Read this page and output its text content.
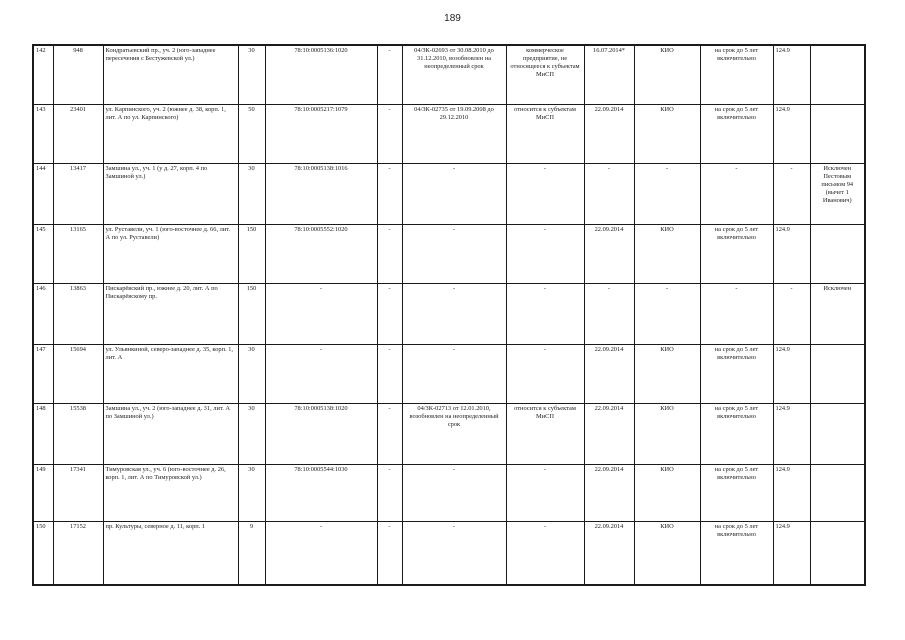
189
142	948	Кондратьевский пр., уч. 2 (юго-западнее пересечения с Бестужевской ул.)	30	78:10:0005136:1020	-	04/ЗК-02693 от 30.08.2010 до 31.12.2010, возобновлен на неопределенный срок	коммерческое предприятие, не относящееся к субъектам МиСП	16.07.2014*	КИО	на срок до 5 лет включительно	124.9	
143	23401	ул. Карпинского, уч. 2 (южнее д. 38, корп. 1, лит. А по ул. Карпинского)	50	78:10:0005217:1079	-	04/ЗК-02735 от 19.09.2008 до 29.12.2010	относится к субъектам МиСП	22.09.2014	КИО	на срок до 5 лет включительно	124.9	
144	13417	Замшина ул., уч. 1 (у д. 27, корп. 4 по Замшиной ул.)	30	78:10:0005138:1016	-	-	-	-	-	-	-	Исключен Пестовым письмом 94 (вычет 1 Иванович)
145	13165	ул. Руставели, уч. 1 (юго-восточнее д. 66, лит. А по ул. Руставели)	150	78:10:0005552:1020	-	-	-	22.09.2014	КИО	на срок до 5 лет включительно	124.9	
146	13863	Пискарёвский пр., южнее д. 20, лит. А по Пискарёвскому пр.	150	-	-	-	-	-	-	-	-	Исключен
147	15694	ул. Ульянкиной, северо-западнее д. 35, корп. 1, лит. А	30	-	-	-	-	22.09.2014	КИО	на срок до 5 лет включительно	124.9	
148	15538	Замшина ул., уч. 2 (юго-западнее д. 31, лит. А по Замшиной ул.)	30	78:10:0005138:1020	-	04/ЗК-02713 от 12.01.2010, возобновлен на неопределенный срок	относится к субъектам МиСП	22.09.2014	КИО	на срок до 5 лет включительно	124.9	
149	17341	Тимуровская ул., уч. 6 (юго-восточнее д. 26, корп. 1, лит. А по Тимуровской ул.)	30	78:10:0005544:1030	-	-	-	22.09.2014	КИО	на срок до 5 лет включительно	124.9	
150	17152	пр. Культуры, северное д. 11, корп. 1	9	-	-	-	-	22.09.2014	КИО	на срок до 5 лет включительно	124.9	
